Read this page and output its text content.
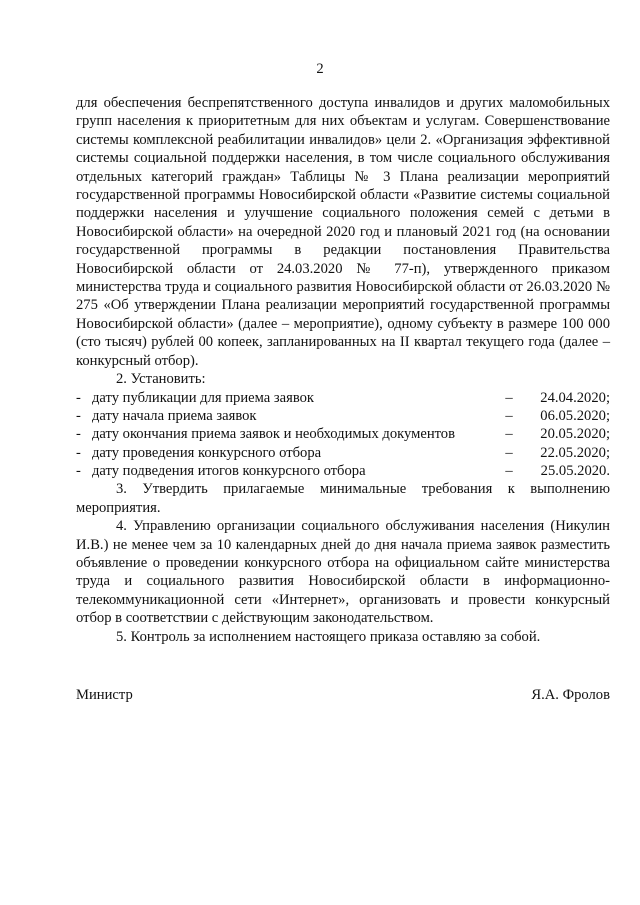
2

для обеспечения беспрепятственного доступа инвалидов и других маломобильных групп населения к приоритетным для них объектам и услугам. Совершенствование системы комплексной реабилитации инвалидов» цели 2. «Организация эффективной системы социальной поддержки населения, в том числе социального обслуживания отдельных категорий граждан» Таблицы № 3 Плана реализации мероприятий государственной программы Новосибирской области «Развитие системы социальной поддержки населения и улучшение социального положения семей с детьми в Новосибирской области» на очередной 2020 год и плановый 2021 год (на основании государственной программы в редакции постановления Правительства Новосибирской области от 24.03.2020 № 77-п), утвержденного приказом министерства труда и социального развития Новосибирской области от 26.03.2020 № 275 «Об утверждении Плана реализации мероприятий государственной программы Новосибирской области» (далее – мероприятие), одному субъекту в размере 100 000 (сто тысяч) рублей 00 копеек, запланированных на II квартал текущего года (далее – конкурсный отбор).

2. Установить:

- дату публикации для приема заявок	–	24.04.2020;
- дату начала приема заявок	–	06.05.2020;
- дату окончания приема заявок и необходимых документов	–	20.05.2020;
- дату проведения конкурсного отбора	–	22.05.2020;
- дату подведения итогов конкурсного отбора	–	25.05.2020.

3. Утвердить прилагаемые минимальные требования к выполнению мероприятия.

4. Управлению организации социального обслуживания населения (Никулин И.В.) не менее чем за 10 календарных дней до дня начала приема заявок разместить объявление о проведении конкурсного отбора на официальном сайте министерства труда и социального развития Новосибирской области в информационно-телекоммуникационной сети «Интернет», организовать и провести конкурсный отбор в соответствии с действующим законодательством.

5. Контроль за исполнением настоящего приказа оставляю за собой.

Министр	Я.А. Фролов
